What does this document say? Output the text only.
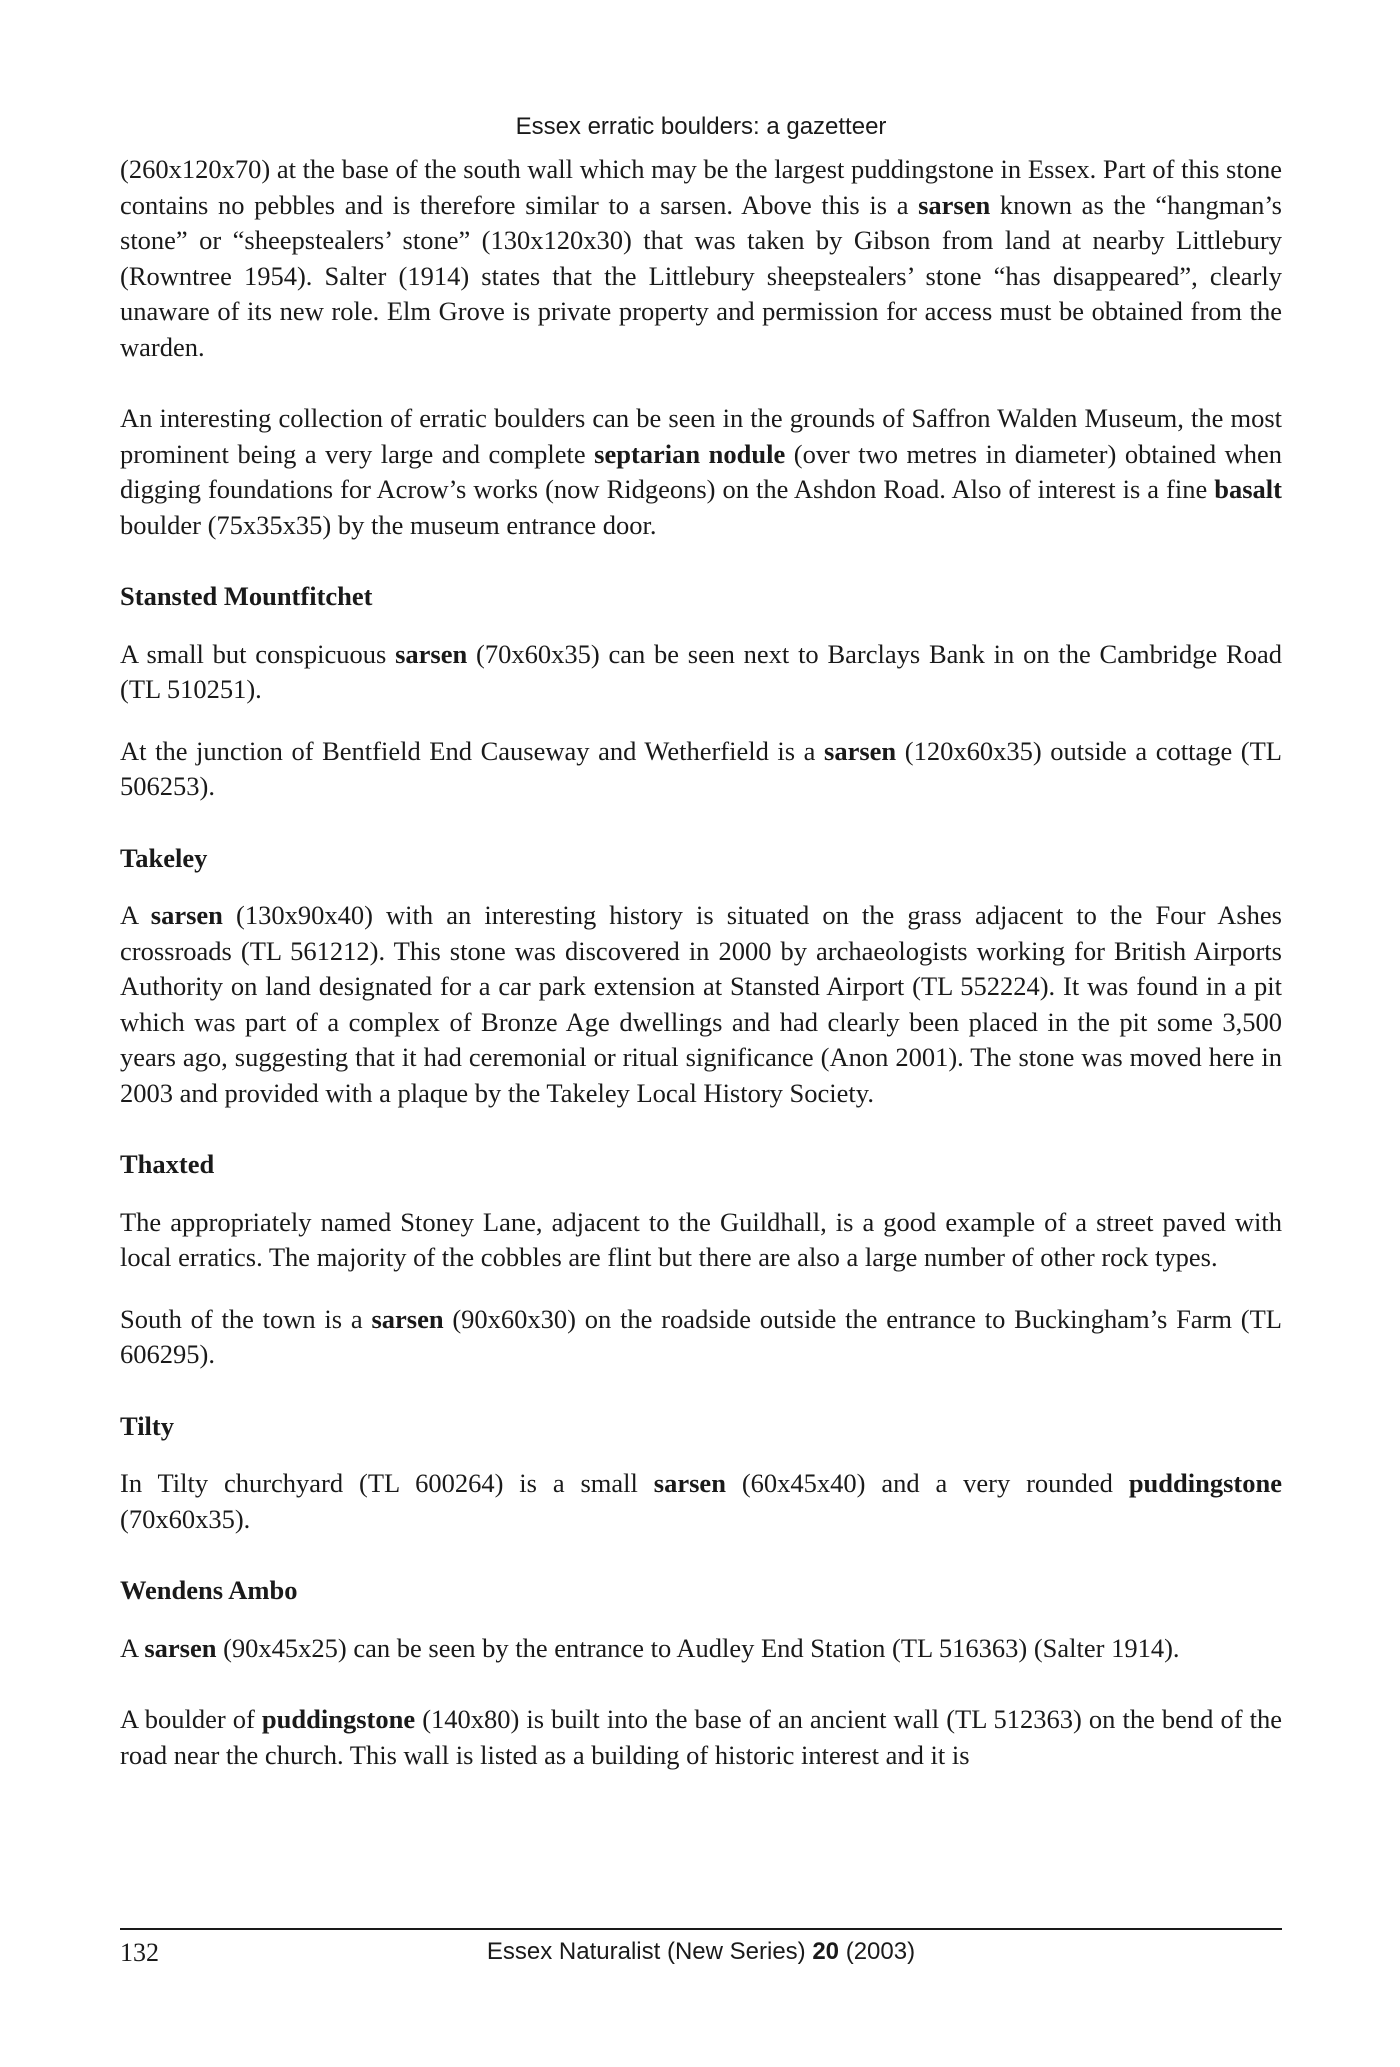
Essex erratic boulders: a gazetteer

(260x120x70) at the base of the south wall which may be the largest puddingstone in Essex. Part of this stone contains no pebbles and is therefore similar to a sarsen. Above this is a sarsen known as the “hangman’s stone” or “sheepstealers’ stone” (130x120x30) that was taken by Gibson from land at nearby Littlebury (Rowntree 1954). Salter (1914) states that the Littlebury sheepstealers’ stone “has disappeared”, clearly unaware of its new role. Elm Grove is private property and permission for access must be obtained from the warden.

An interesting collection of erratic boulders can be seen in the grounds of Saffron Walden Museum, the most prominent being a very large and complete septarian nodule (over two metres in diameter) obtained when digging foundations for Acrow’s works (now Ridgeons) on the Ashdon Road. Also of interest is a fine basalt boulder (75x35x35) by the museum entrance door.

Stansted Mountfitchet

A small but conspicuous sarsen (70x60x35) can be seen next to Barclays Bank in on the Cambridge Road (TL 510251).

At the junction of Bentfield End Causeway and Wetherfield is a sarsen (120x60x35) outside a cottage (TL 506253).

Takeley

A sarsen (130x90x40) with an interesting history is situated on the grass adjacent to the Four Ashes crossroads (TL 561212). This stone was discovered in 2000 by archaeologists working for British Airports Authority on land designated for a car park extension at Stansted Airport (TL 552224). It was found in a pit which was part of a complex of Bronze Age dwellings and had clearly been placed in the pit some 3,500 years ago, suggesting that it had ceremonial or ritual significance (Anon 2001). The stone was moved here in 2003 and provided with a plaque by the Takeley Local History Society.

Thaxted

The appropriately named Stoney Lane, adjacent to the Guildhall, is a good example of a street paved with local erratics. The majority of the cobbles are flint but there are also a large number of other rock types.

South of the town is a sarsen (90x60x30) on the roadside outside the entrance to Buckingham’s Farm (TL 606295).

Tilty

In Tilty churchyard (TL 600264) is a small sarsen (60x45x40) and a very rounded puddingstone (70x60x35).

Wendens Ambo

A sarsen (90x45x25) can be seen by the entrance to Audley End Station (TL 516363) (Salter 1914).

A boulder of puddingstone (140x80) is built into the base of an ancient wall (TL 512363) on the bend of the road near the church. This wall is listed as a building of historic interest and it is

132	Essex Naturalist (New Series) 20 (2003)
